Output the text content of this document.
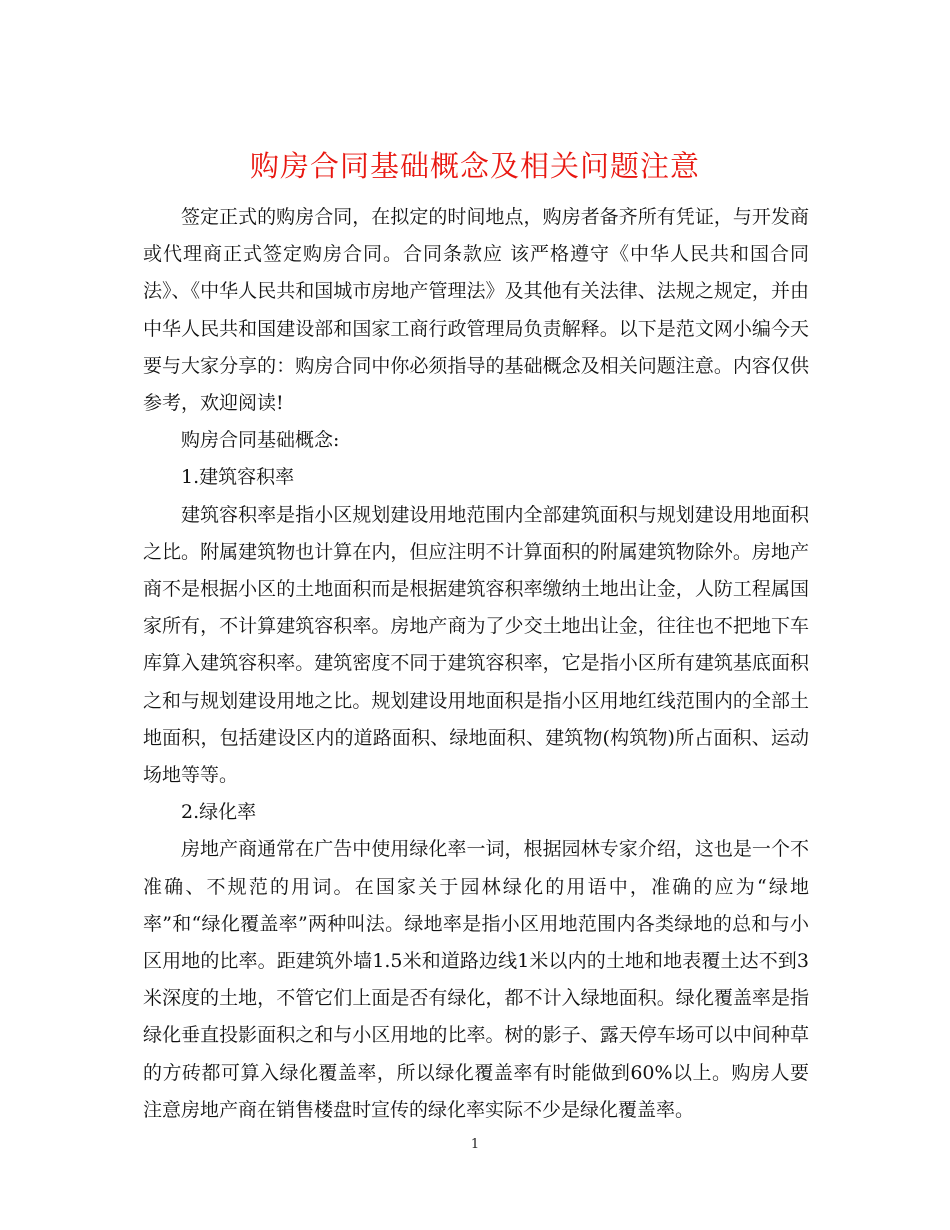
购房合同基础概念及相关问题注意

签定正式的购房合同，在拟定的时间地点，购房者备齐所有凭证，与开发商或代理商正式签定购房合同。合同条款应 该严格遵守《中华人民共和国合同法》、《中华人民共和国城市房地产管理法》及其他有关法律、法规之规定，并由中华人民共和国建设部和国家工商行政管理局负责解释。以下是范文网小编今天要与大家分享的：购房合同中你必须指导的基础概念及相关问题注意。内容仅供参考，欢迎阅读!

购房合同基础概念:

1.建筑容积率

建筑容积率是指小区规划建设用地范围内全部建筑面积与规划建设用地面积之比。附属建筑物也计算在内，但应注明不计算面积的附属建筑物除外。房地产商不是根据小区的土地面积而是根据建筑容积率缴纳土地出让金，人防工程属国家所有，不计算建筑容积率。房地产商为了少交土地出让金，往往也不把地下车库算入建筑容积率。建筑密度不同于建筑容积率，它是指小区所有建筑基底面积之和与规划建设用地之比。规划建设用地面积是指小区用地红线范围内的全部土地面积，包括建设区内的道路面积、绿地面积、建筑物(构筑物)所占面积、运动场地等等。

2.绿化率

房地产商通常在广告中使用绿化率一词，根据园林专家介绍，这也是一个不准确、不规范的用词。在国家关于园林绿化的用语中，准确的应为“绿地率”和“绿化覆盖率”两种叫法。绿地率是指小区用地范围内各类绿地的总和与小区用地的比率。距建筑外墙1.5米和道路边线1米以内的土地和地表覆土达不到3米深度的土地，不管它们上面是否有绿化，都不计入绿地面积。绿化覆盖率是指绿化垂直投影面积之和与小区用地的比率。树的影子、露天停车场可以中间种草的方砖都可算入绿化覆盖率，所以绿化覆盖率有时能做到60%以上。购房人要注意房地产商在销售楼盘时宣传的绿化率实际不少是绿化覆盖率。

1
